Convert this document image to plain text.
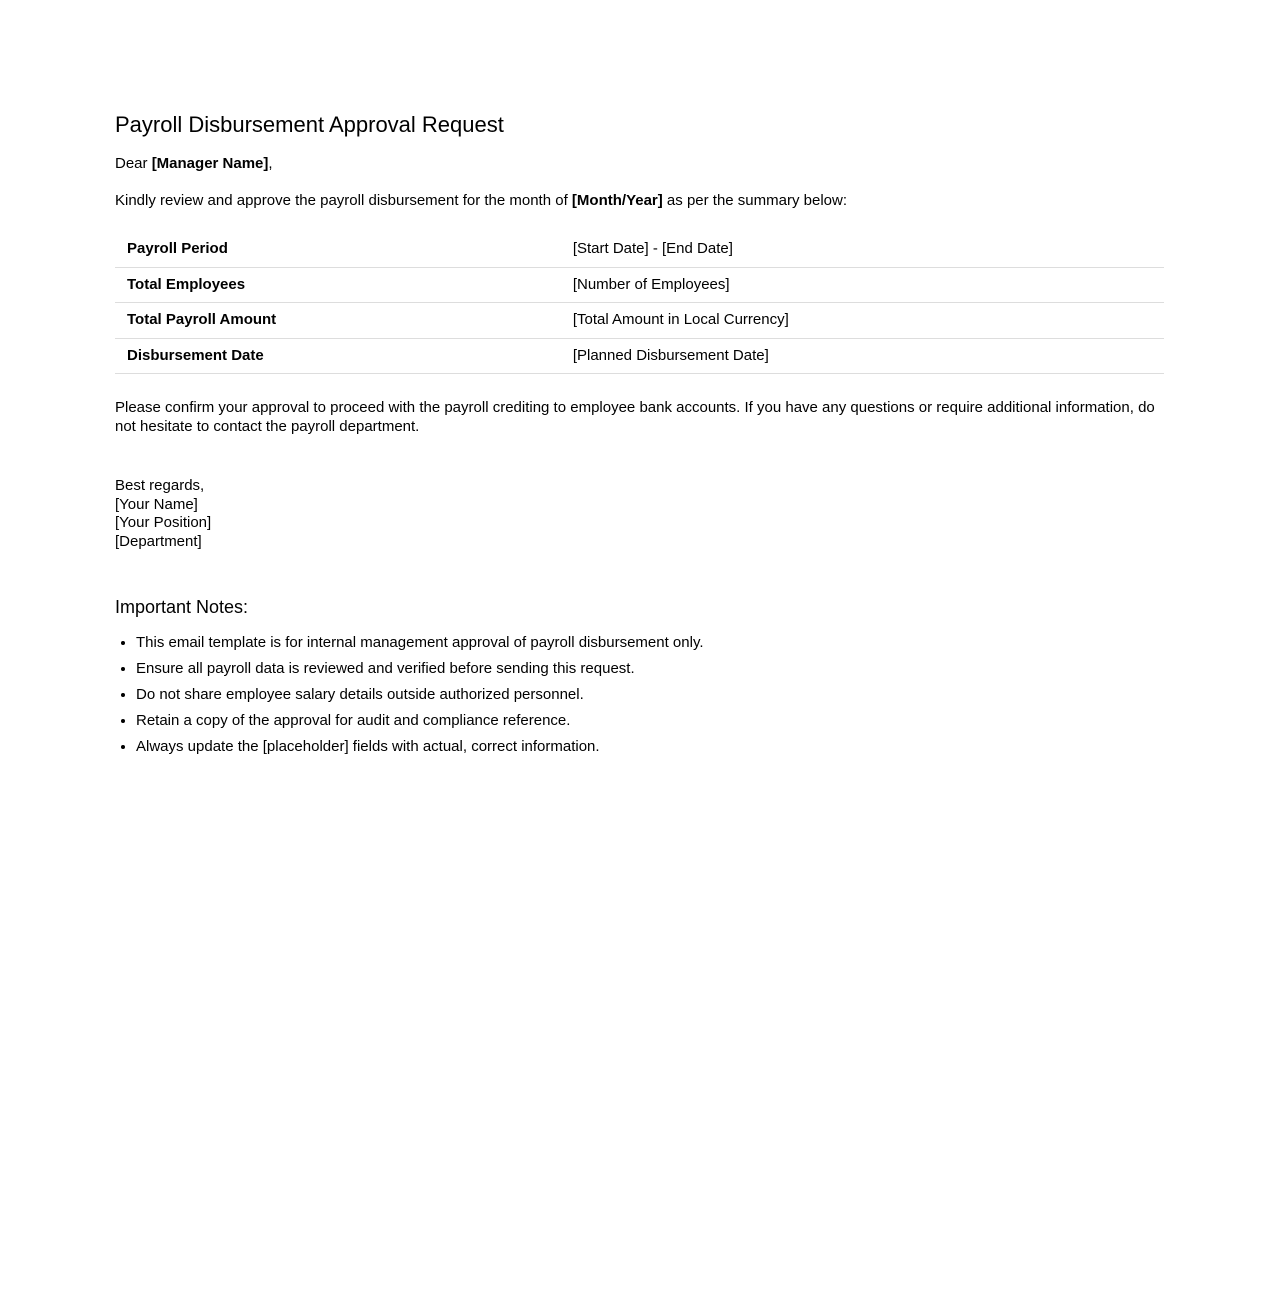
Payroll Disbursement Approval Request

Dear [Manager Name],

Kindly review and approve the payroll disbursement for the month of [Month/Year] as per the summary below:

Payroll Period	[Start Date] - [End Date]
Total Employees	[Number of Employees]
Total Payroll Amount	[Total Amount in Local Currency]
Disbursement Date	[Planned Disbursement Date]

Please confirm your approval to proceed with the payroll crediting to employee bank accounts. If you have any questions or require additional information, do not hesitate to contact the payroll department.

Best regards,
[Your Name]
[Your Position]
[Department]
Important Notes:
• This email template is for internal management approval of payroll disbursement only.
• Ensure all payroll data is reviewed and verified before sending this request.
• Do not share employee salary details outside authorized personnel.
• Retain a copy of the approval for audit and compliance reference.
• Always update the [placeholder] fields with actual, correct information.
